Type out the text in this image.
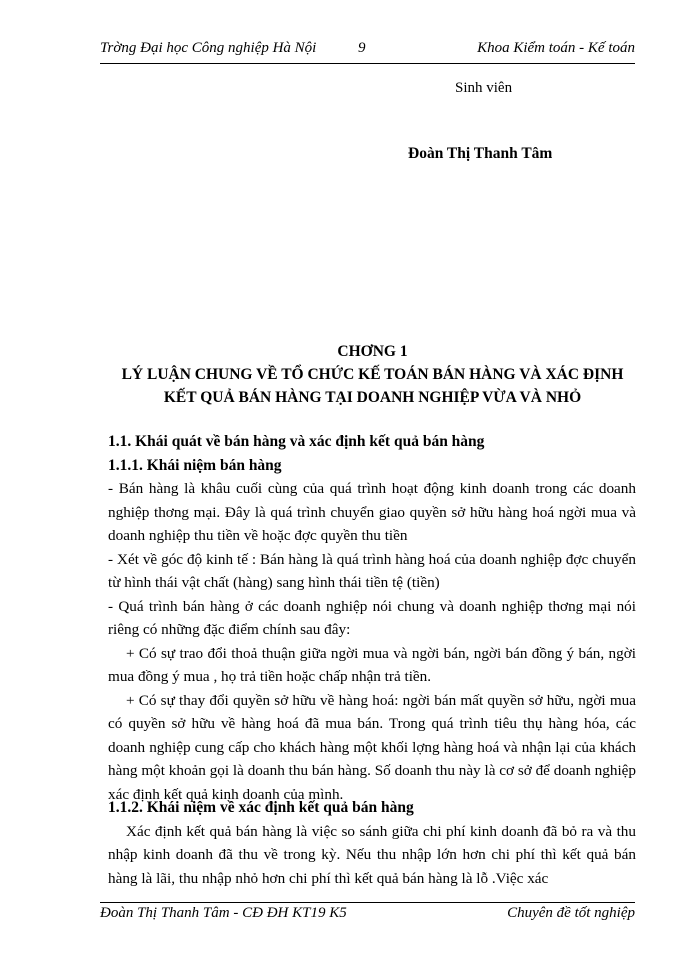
Trờng Đại học Công nghiệp Hà Nội	9	Khoa Kiểm toán - Kế toán
Sinh viên
Đoàn Thị Thanh Tâm
CHƠNG 1
LÝ LUẬN CHUNG VỀ TỔ CHỨC KẾ TOÁN BÁN HÀNG VÀ XÁC ĐỊNH
KẾT QUẢ BÁN HÀNG TẠI DOANH NGHIỆP VỪA VÀ NHỎ

1.1. Khái quát về bán hàng và xác định kết quả bán hàng

1.1.1. Khái niệm bán hàng

- Bán hàng là khâu cuối cùng của quá trình hoạt động kinh doanh trong các doanh nghiệp thơng mại. Đây là quá trình chuyển giao quyền sở hữu hàng hoá ngời mua và doanh nghiệp thu tiền về hoặc đợc quyền thu tiền

- Xét về góc độ kinh tế : Bán hàng là quá trình hàng hoá của doanh nghiệp đợc chuyển từ hình thái vật chất (hàng) sang hình thái tiền tệ (tiền)

- Quá trình bán hàng ở các doanh nghiệp nói chung và doanh nghiệp thơng mại nói riêng có những đặc điểm chính sau đây:

+ Có sự trao đổi thoả thuận giữa ngời mua và ngời bán, ngời bán đồng ý bán, ngời mua đồng ý mua , họ trả tiền hoặc chấp nhận trả tiền.

+ Có sự thay đổi quyền sở hữu về hàng hoá: ngời bán mất quyền sở hữu, ngời mua có quyền sở hữu về hàng hoá đã mua bán. Trong quá trình tiêu thụ hàng hóa, các doanh nghiệp cung cấp cho khách hàng một khối lợng hàng hoá và nhận lại của khách hàng một khoản gọi là doanh thu bán hàng. Số doanh thu này là cơ sở để doanh nghiệp xác định kết quả kinh doanh của mình.

1.1.2. Khái niệm về xác định kết quả bán hàng

Xác định kết quả bán hàng là việc so sánh giữa chi phí kinh doanh đã bỏ ra và thu nhập kinh doanh đã thu về trong kỳ. Nếu thu nhập lớn hơn chi phí thì kết quả bán hàng là lãi, thu nhập nhỏ hơn chi phí thì kết quả bán hàng là lỗ .Việc xác

Đoàn Thị Thanh Tâm - CĐ ĐH KT19 K5	Chuyên đề tốt nghiệp
